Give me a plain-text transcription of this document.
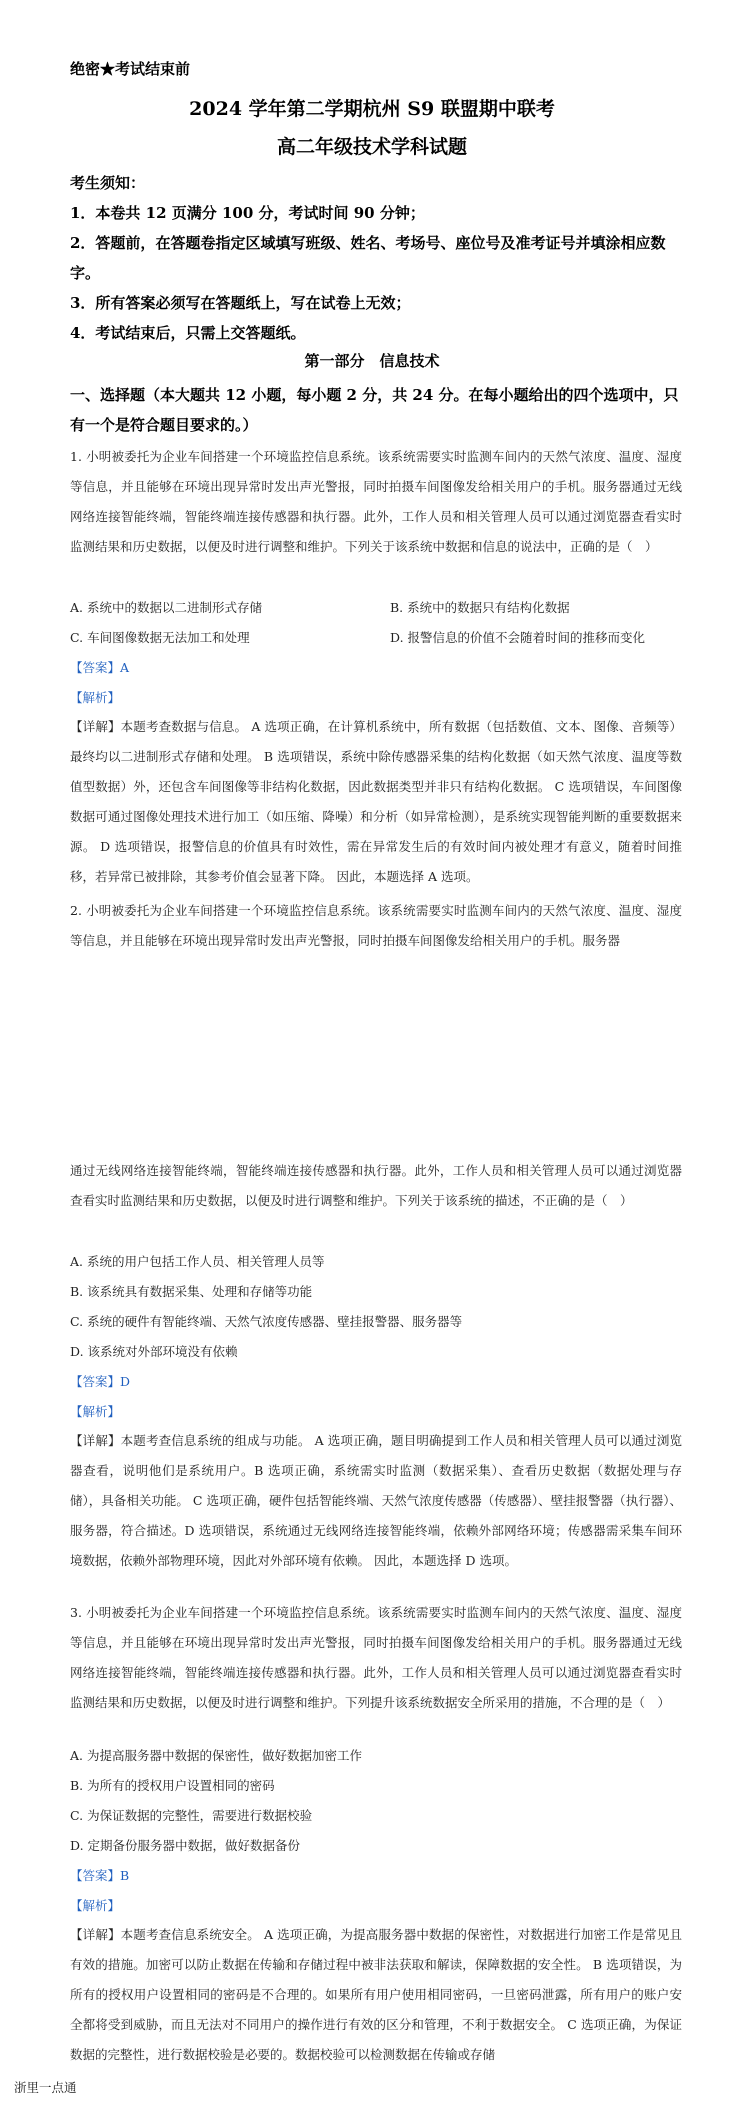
绝密★考试结束前
2024 学年第二学期杭州 S9 联盟期中联考
高二年级技术学科试题
考生须知：
1．本卷共 12 页满分 100 分，考试时间 90 分钟；
2．答题前，在答题卷指定区域填写班级、姓名、考场号、座位号及准考证号并填涂相应数字。
3．所有答案必须写在答题纸上，写在试卷上无效；
4．考试结束后，只需上交答题纸。
第一部分　信息技术
一、选择题（本大题共 12 小题，每小题 2 分，共 24 分。在每小题给出的四个选项中，只有一个是符合题目要求的。）
1. 小明被委托为企业车间搭建一个环境监控信息系统。该系统需要实时监测车间内的天然气浓度、温度、湿度等信息，并且能够在环境出现异常时发出声光警报，同时拍摄车间图像发给相关用户的手机。服务器通过无线网络连接智能终端，智能终端连接传感器和执行器。此外，工作人员和相关管理人员可以通过浏览器查看实时监测结果和历史数据，以便及时进行调整和维护。下列关于该系统中数据和信息的说法中，正确的是（　）
A. 系统中的数据以二进制形式存储	B. 系统中的数据只有结构化数据
C. 车间图像数据无法加工和处理	D. 报警信息的价值不会随着时间的推移而变化
【答案】A
【解析】
【详解】本题考查数据与信息。 A 选项正确，在计算机系统中，所有数据（包括数值、文本、图像、音频等）最终均以二进制形式存储和处理。 B 选项错误，系统中除传感器采集的结构化数据（如天然气浓度、温度等数值型数据）外，还包含车间图像等非结构化数据，因此数据类型并非只有结构化数据。 C 选项错误，车间图像数据可通过图像处理技术进行加工（如压缩、降噪）和分析（如异常检测），是系统实现智能判断的重要数据来源。 D 选项错误，报警信息的价值具有时效性，需在异常发生后的有效时间内被处理才有意义，随着时间推移，若异常已被排除，其参考价值会显著下降。 因此，本题选择 A 选项。
2. 小明被委托为企业车间搭建一个环境监控信息系统。该系统需要实时监测车间内的天然气浓度、温度、湿度等信息，并且能够在环境出现异常时发出声光警报，同时拍摄车间图像发给相关用户的手机。服务器
通过无线网络连接智能终端，智能终端连接传感器和执行器。此外，工作人员和相关管理人员可以通过浏览器查看实时监测结果和历史数据，以便及时进行调整和维护。下列关于该系统的描述，不正确的是（　）
A. 系统的用户包括工作人员、相关管理人员等
B. 该系统具有数据采集、处理和存储等功能
C. 系统的硬件有智能终端、天然气浓度传感器、壁挂报警器、服务器等
D. 该系统对外部环境没有依赖
【答案】D
【解析】
【详解】本题考查信息系统的组成与功能。 A 选项正确，题目明确提到工作人员和相关管理人员可以通过浏览器查看，说明他们是系统用户。B 选项正确，系统需实时监测（数据采集）、查看历史数据（数据处理与存储），具备相关功能。 C 选项正确，硬件包括智能终端、天然气浓度传感器（传感器）、壁挂报警器（执行器）、服务器，符合描述。D 选项错误，系统通过无线网络连接智能终端，依赖外部网络环境；传感器需采集车间环境数据，依赖外部物理环境，因此对外部环境有依赖。 因此，本题选择 D 选项。
3. 小明被委托为企业车间搭建一个环境监控信息系统。该系统需要实时监测车间内的天然气浓度、温度、湿度等信息，并且能够在环境出现异常时发出声光警报，同时拍摄车间图像发给相关用户的手机。服务器通过无线网络连接智能终端，智能终端连接传感器和执行器。此外，工作人员和相关管理人员可以通过浏览器查看实时监测结果和历史数据，以便及时进行调整和维护。下列提升该系统数据安全所采用的措施，不合理的是（　）
A. 为提高服务器中数据的保密性，做好数据加密工作
B. 为所有的授权用户设置相同的密码
C. 为保证数据的完整性，需要进行数据校验
D. 定期备份服务器中数据，做好数据备份
【答案】B
【解析】
【详解】本题考查信息系统安全。 A 选项正确，为提高服务器中数据的保密性，对数据进行加密工作是常见且有效的措施。加密可以防止数据在传输和存储过程中被非法获取和解读，保障数据的安全性。 B 选项错误，为所有的授权用户设置相同的密码是不合理的。如果所有用户使用相同密码，一旦密码泄露，所有用户的账户安全都将受到威胁，而且无法对不同用户的操作进行有效的区分和管理，不利于数据安全。 C 选项正确，为保证数据的完整性，进行数据校验是必要的。数据校验可以检测数据在传输或存储
浙里一点通
